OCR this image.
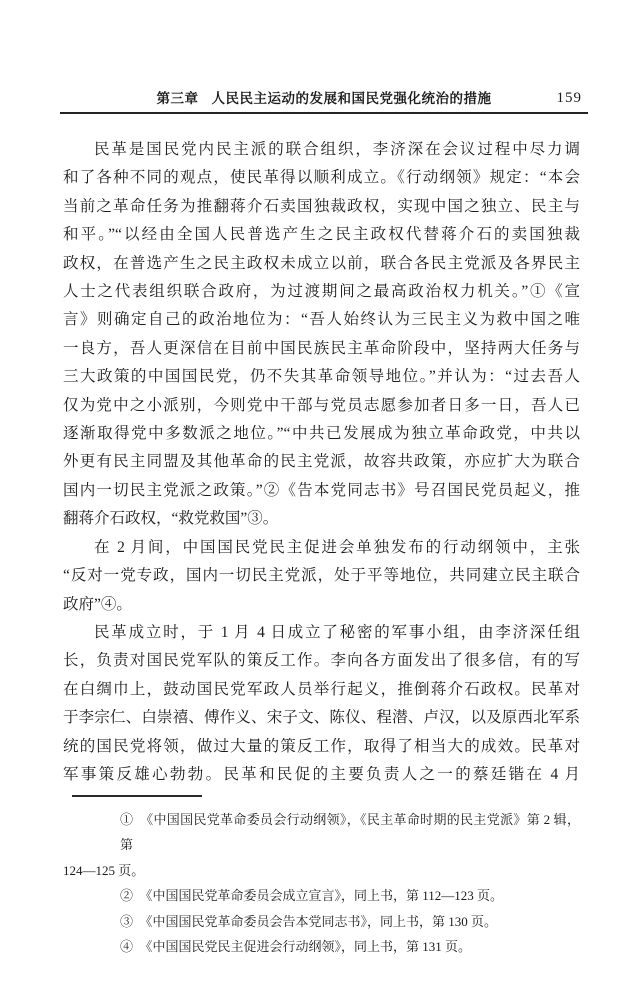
第三章 人民民主运动的发展和国民党强化统治的措施	159
民革是国民党内民主派的联合组织，李济深在会议过程中尽力调
和了各种不同的观点，使民革得以顺利成立。《行动纲领》规定：“本会
当前之革命任务为推翻蒋介石卖国独裁政权，实现中国之独立、民主与
和平。”“以经由全国人民普选产生之民主政权代替蒋介石的卖国独裁
政权，在普选产生之民主政权未成立以前，联合各民主党派及各界民主
人士之代表组织联合政府，为过渡期间之最高政治权力机关。”①《宣
言》则确定自己的政治地位为：“吾人始终认为三民主义为救中国之唯
一良方，吾人更深信在目前中国民族民主革命阶段中，坚持两大任务与
三大政策的中国国民党，仍不失其革命领导地位。”并认为：“过去吾人
仅为党中之小派别，今则党中干部与党员志愿参加者日多一日，吾人已
逐渐取得党中多数派之地位。”“中共已发展成为独立革命政党，中共以
外更有民主同盟及其他革命的民主党派，故容共政策，亦应扩大为联合
国内一切民主党派之政策。”②《告本党同志书》号召国民党员起义，推
翻蒋介石政权，“救党救国”③。
在 2 月间，中国国民党民主促进会单独发布的行动纲领中，主张
“反对一党专政，国内一切民主党派，处于平等地位，共同建立民主联合
政府”④。
民革成立时，于 1 月 4 日成立了秘密的军事小组，由李济深任组
长，负责对国民党军队的策反工作。李向各方面发出了很多信，有的写
在白绸巾上，鼓动国民党军政人员举行起义，推倒蒋介石政权。民革对
于李宗仁、白崇禧、傅作义、宋子文、陈仪、程潜、卢汉，以及原西北军系
统的国民党将领，做过大量的策反工作，取得了相当大的成效。民革对
军事策反雄心勃勃。民革和民促的主要负责人之一的蔡廷锴在 4 月
①　《中国国民党革命委员会行动纲领》，《民主革命时期的民主党派》第 2 辑，第
124—125 页。
②　《中国国民党革命委员会成立宣言》，同上书，第 112—123 页。
③　《中国国民党革命委员会告本党同志书》，同上书，第 130 页。
④　《中国国民党民主促进会行动纲领》，同上书，第 131 页。
